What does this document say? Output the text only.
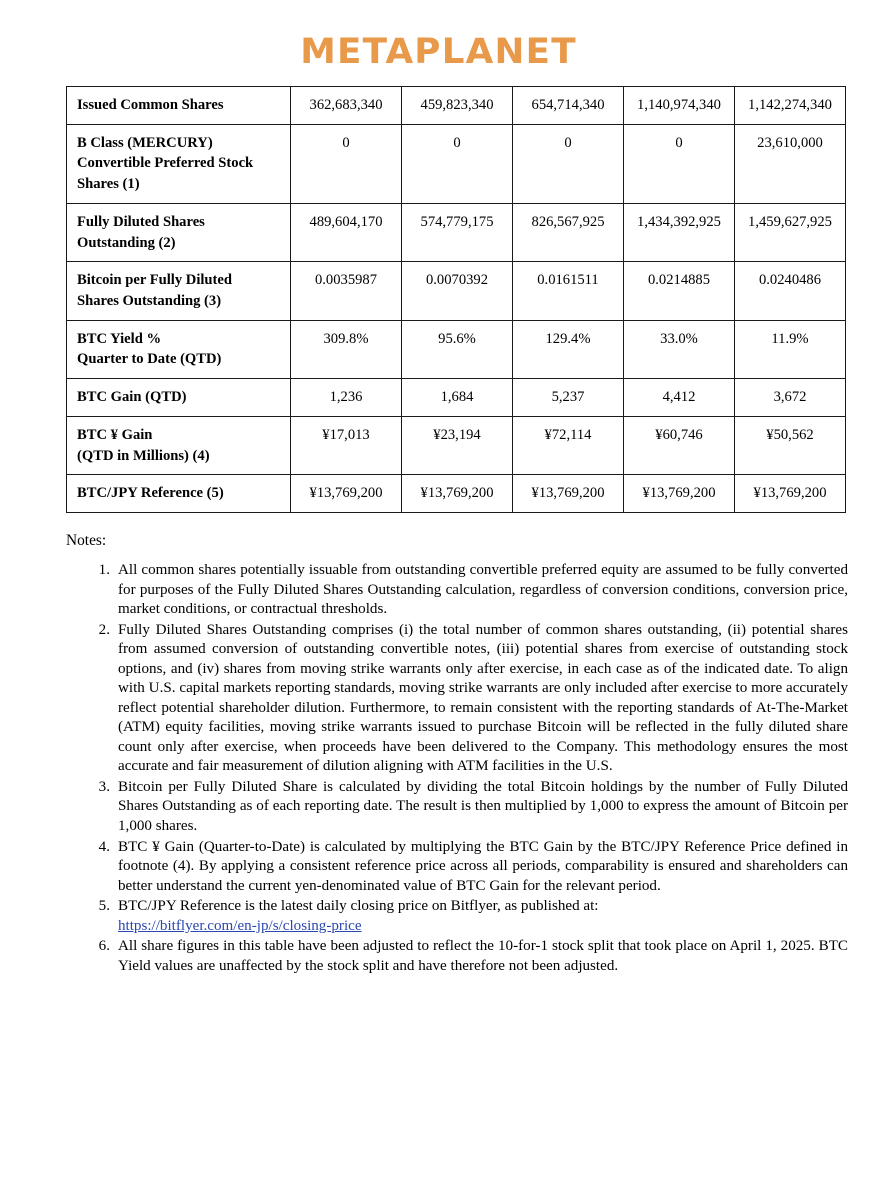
METAPLANET
Issued Common Shares	362,683,340	459,823,340	654,714,340	1,140,974,340	1,142,274,340

B Class (MERCURY)
Convertible Preferred Stock
Shares (1)	0	0	0	0	23,610,000

Fully Diluted Shares
Outstanding (2)	489,604,170	574,779,175	826,567,925	1,434,392,925	1,459,627,925

Bitcoin per Fully Diluted
Shares Outstanding (3)	0.0035987	0.0070392	0.0161511	0.0214885	0.0240486

BTC Yield %
Quarter to Date (QTD)	309.8%	95.6%	129.4%	33.0%	11.9%

BTC Gain (QTD)	1,236	1,684	5,237	4,412	3,672

BTC ¥ Gain
(QTD in Millions) (4)	¥17,013	¥23,194	¥72,114	¥60,746	¥50,562

BTC/JPY Reference (5)	¥13,769,200	¥13,769,200	¥13,769,200	¥13,769,200	¥13,769,200
Notes:
All common shares potentially issuable from outstanding convertible preferred equity are assumed to be fully converted for purposes of the Fully Diluted Shares Outstanding calculation, regardless of conversion conditions, conversion price, market conditions, or contractual thresholds.
Fully Diluted Shares Outstanding comprises (i) the total number of common shares outstanding, (ii) potential shares from assumed conversion of outstanding convertible notes, (iii) potential shares from exercise of outstanding stock options, and (iv) shares from moving strike warrants only after exercise, in each case as of the indicated date. To align with U.S. capital markets reporting standards, moving strike warrants are only included after exercise to more accurately reflect potential shareholder dilution. Furthermore, to remain consistent with the reporting standards of At-The-Market (ATM) equity facilities, moving strike warrants issued to purchase Bitcoin will be reflected in the fully diluted share count only after exercise, when proceeds have been delivered to the Company. This methodology ensures the most accurate and fair measurement of dilution aligning with ATM facilities in the U.S.
Bitcoin per Fully Diluted Share is calculated by dividing the total Bitcoin holdings by the number of Fully Diluted Shares Outstanding as of each reporting date. The result is then multiplied by 1,000 to express the amount of Bitcoin per 1,000 shares.
BTC ¥ Gain (Quarter-to-Date) is calculated by multiplying the BTC Gain by the BTC/JPY Reference Price defined in footnote (4). By applying a consistent reference price across all periods, comparability is ensured and shareholders can better understand the current yen-denominated value of BTC Gain for the relevant period.
BTC/JPY Reference is the latest daily closing price on Bitflyer, as published at:
https://bitflyer.com/en-jp/s/closing-price
All share figures in this table have been adjusted to reflect the 10-for-1 stock split that took place on April 1, 2025. BTC Yield values are unaffected by the stock split and have therefore not been adjusted.
